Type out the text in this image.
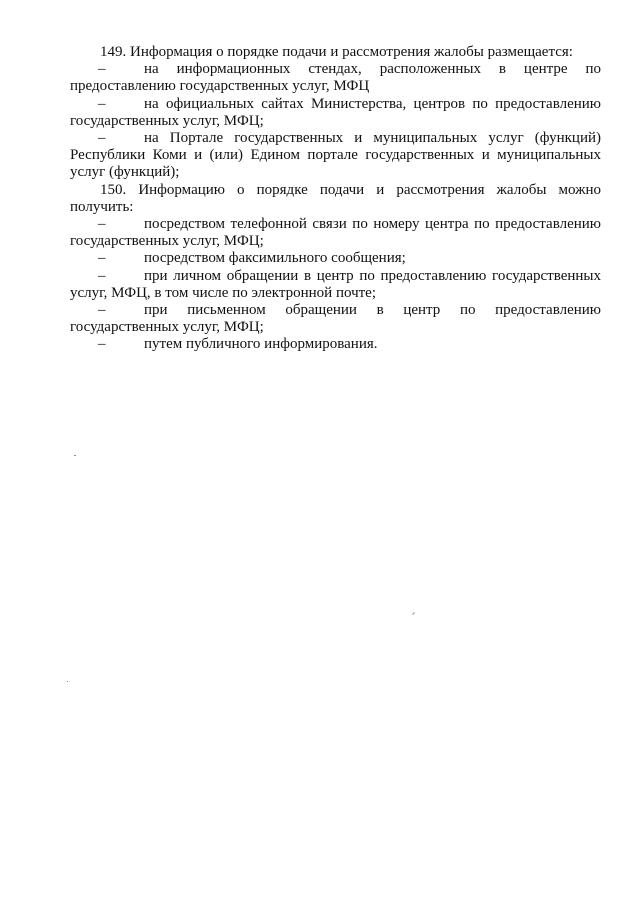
149. Информация о порядке подачи и рассмотрения жалобы размещается:

–	на информационных стендах, расположенных в центре по предоставлению государственных услуг, МФЦ

–	на официальных сайтах Министерства, центров по предоставлению государственных услуг, МФЦ;

–	на Портале государственных и муниципальных услуг (функций) Республики Коми и (или) Едином портале государственных и муниципальных услуг (функций);

150. Информацию о порядке подачи и рассмотрения жалобы можно получить:

–	посредством телефонной связи по номеру центра по предоставлению государственных услуг, МФЦ;

–	посредством факсимильного сообщения;

–	при личном обращении в центр по предоставлению государственных услуг, МФЦ, в том числе по электронной почте;

–	при письменном обращении в центр по предоставлению государственных услуг, МФЦ;

–	путем публичного информирования.
